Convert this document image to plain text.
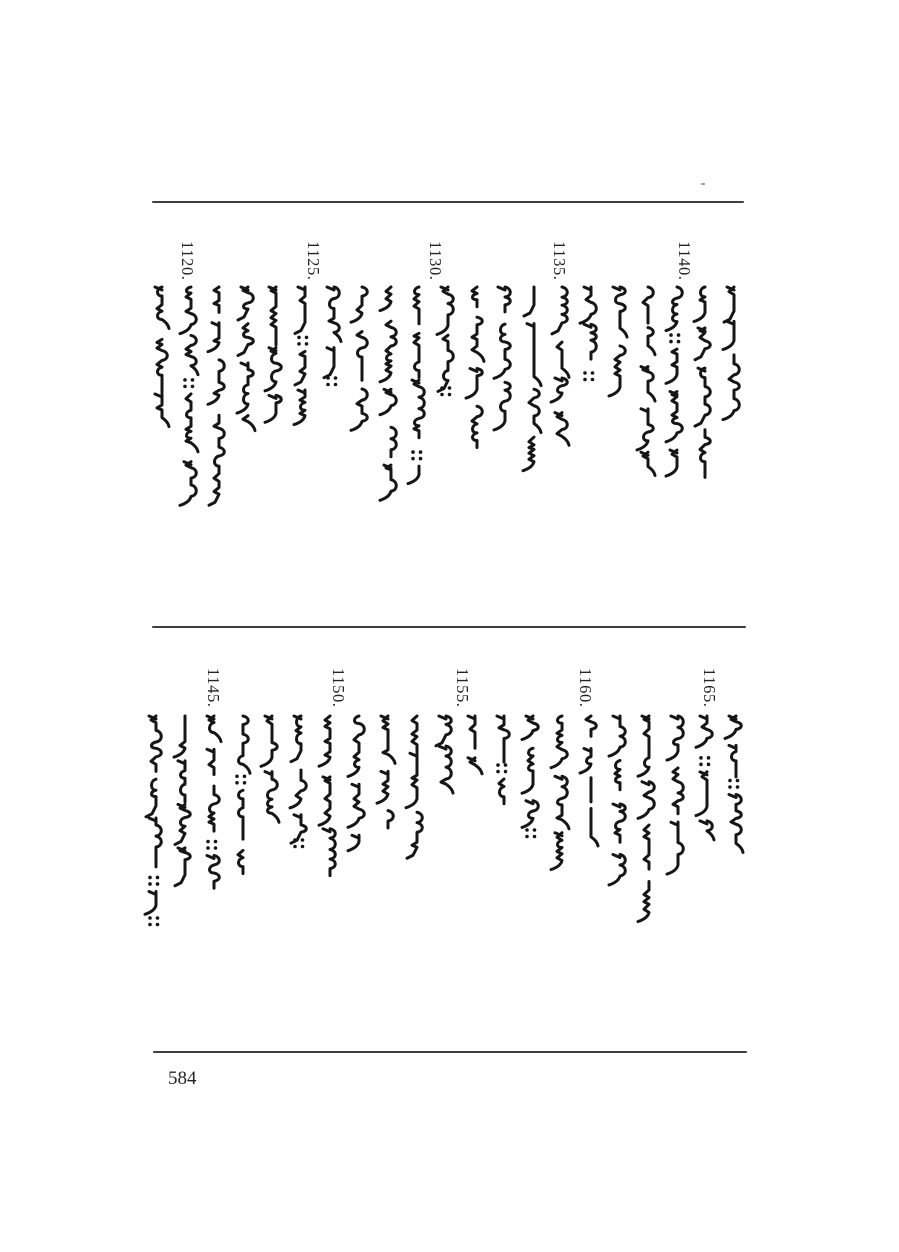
584
1120.	1125.	1130.	1135.	1140.
1145.	1150.	1155.	1160.	1165.
